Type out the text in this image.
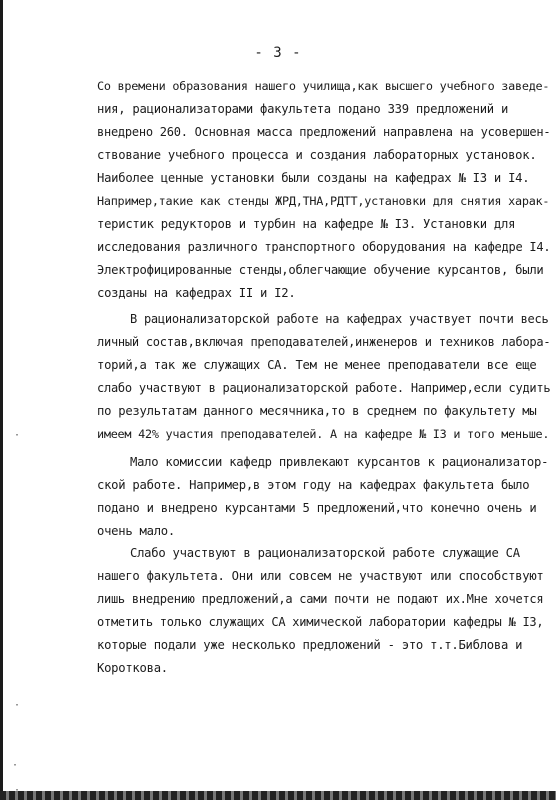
- 3 -
Со времени образования нашего училища,как высшего учебного заведе-
ния, рационализаторами факультета подано 339 предложений и
внедрено 260. Основная масса предложений направлена на усовершен-
ствование учебного процесса и создания лабораторных установок.
Наиболее ценные установки были созданы на кафедрах № I3 и I4.
Например,такие как стенды ЖРД,ТНА,РДТТ,установки для снятия харак-
теристик редукторов и турбин на кафедре № I3. Установки для
исследования различного транспортного оборудования на кафедре I4.
Электрофицированные стенды,облегчающие обучение курсантов, были
созданы на кафедрах II и I2.
В рационализаторской работе на кафедрах участвует почти весь
личный состав,включая преподавателей,инженеров и техников лабора-
торий,а так же служащих СА. Тем не менее преподаватели все еще
слабо участвуют в рационализаторской работе. Например,если судить
по результатам данного месячника,то в среднем по факультету мы
имеем 42% участия преподавателей. А на кафедре № I3 и того меньше.
Мало комиссии кафедр привлекают курсантов к рационализатор-
ской работе. Например,в этом году на кафедрах факультета было
подано и внедрено курсантами 5 предложений,что конечно очень и
очень мало.
Слабо участвуют в рационализаторской работе служащие СА
нашего факультета. Они или совсем не участвуют или способствуют
лишь внедрению предложений,а сами почти не подают их.Мне хочется
отметить только служащих СА химической лаборатории кафедры № I3,
которые подали уже несколько предложений - это т.т.Библова и
Короткова.
·
·
·
·
